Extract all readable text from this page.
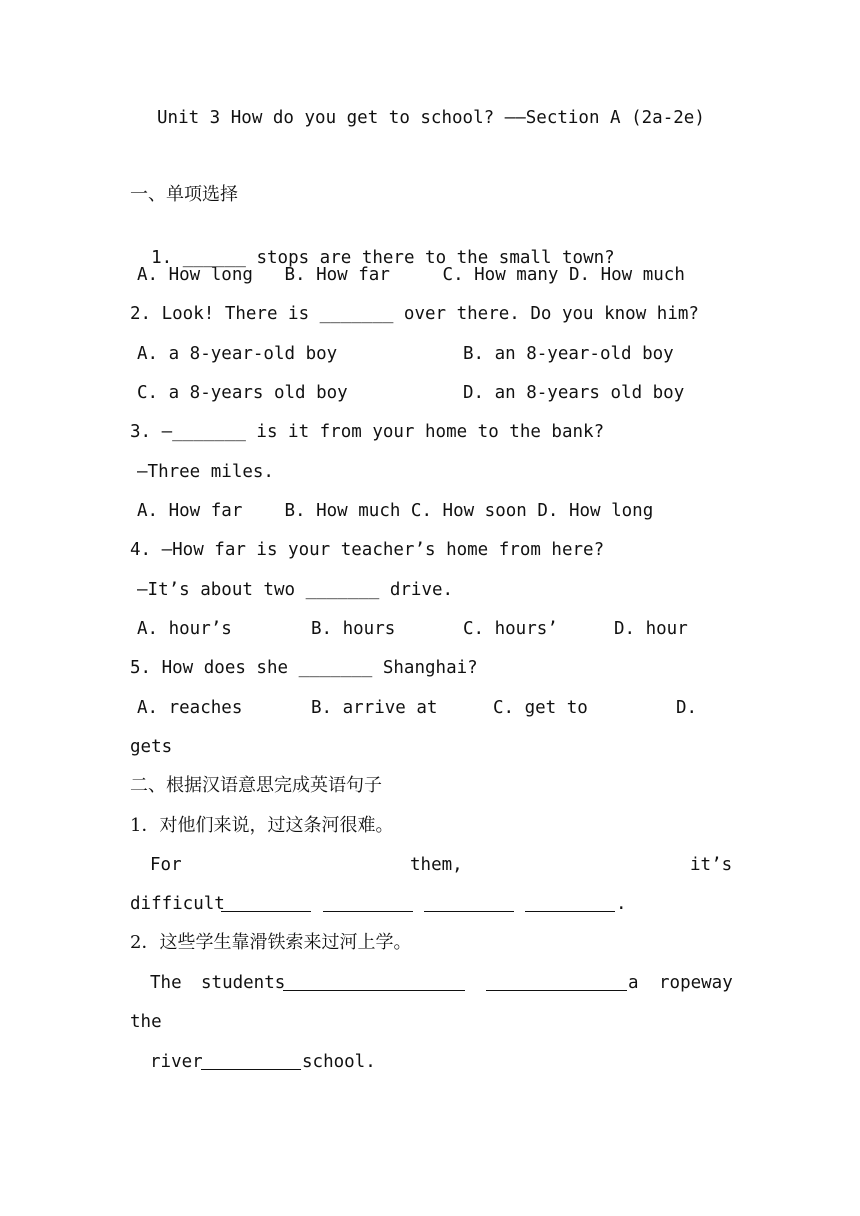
Unit 3 How do you get to school? ——Section A (2a-2e)
一、单项选择

1. ______ stops are there to the small town?

A. How long   B. How far     C. How many D. How much
2. Look! There is _______ over there. Do you know him?
A. a 8-year-old boy	B. an 8-year-old boy
C. a 8-years old boy	D. an 8-years old boy
3. —_______ is it from your home to the bank?
—Three miles.
A. How far    B. How much C. How soon D. How long
4. —How far is your teacher’s home from here?
—It’s about two _______ drive.
A. hour’s	B. hours	C. hours’	D. hour
5. How does she _______ Shanghai?
A. reaches	B. arrive at	C. get to	D.
gets
二、根据汉语意思完成英语句子
1．对他们来说，过这条河很难。
For	them,	it’s
difficult	.
2．这些学生靠滑铁索来过河上学。
The students	a ropeway
the
river	school.
